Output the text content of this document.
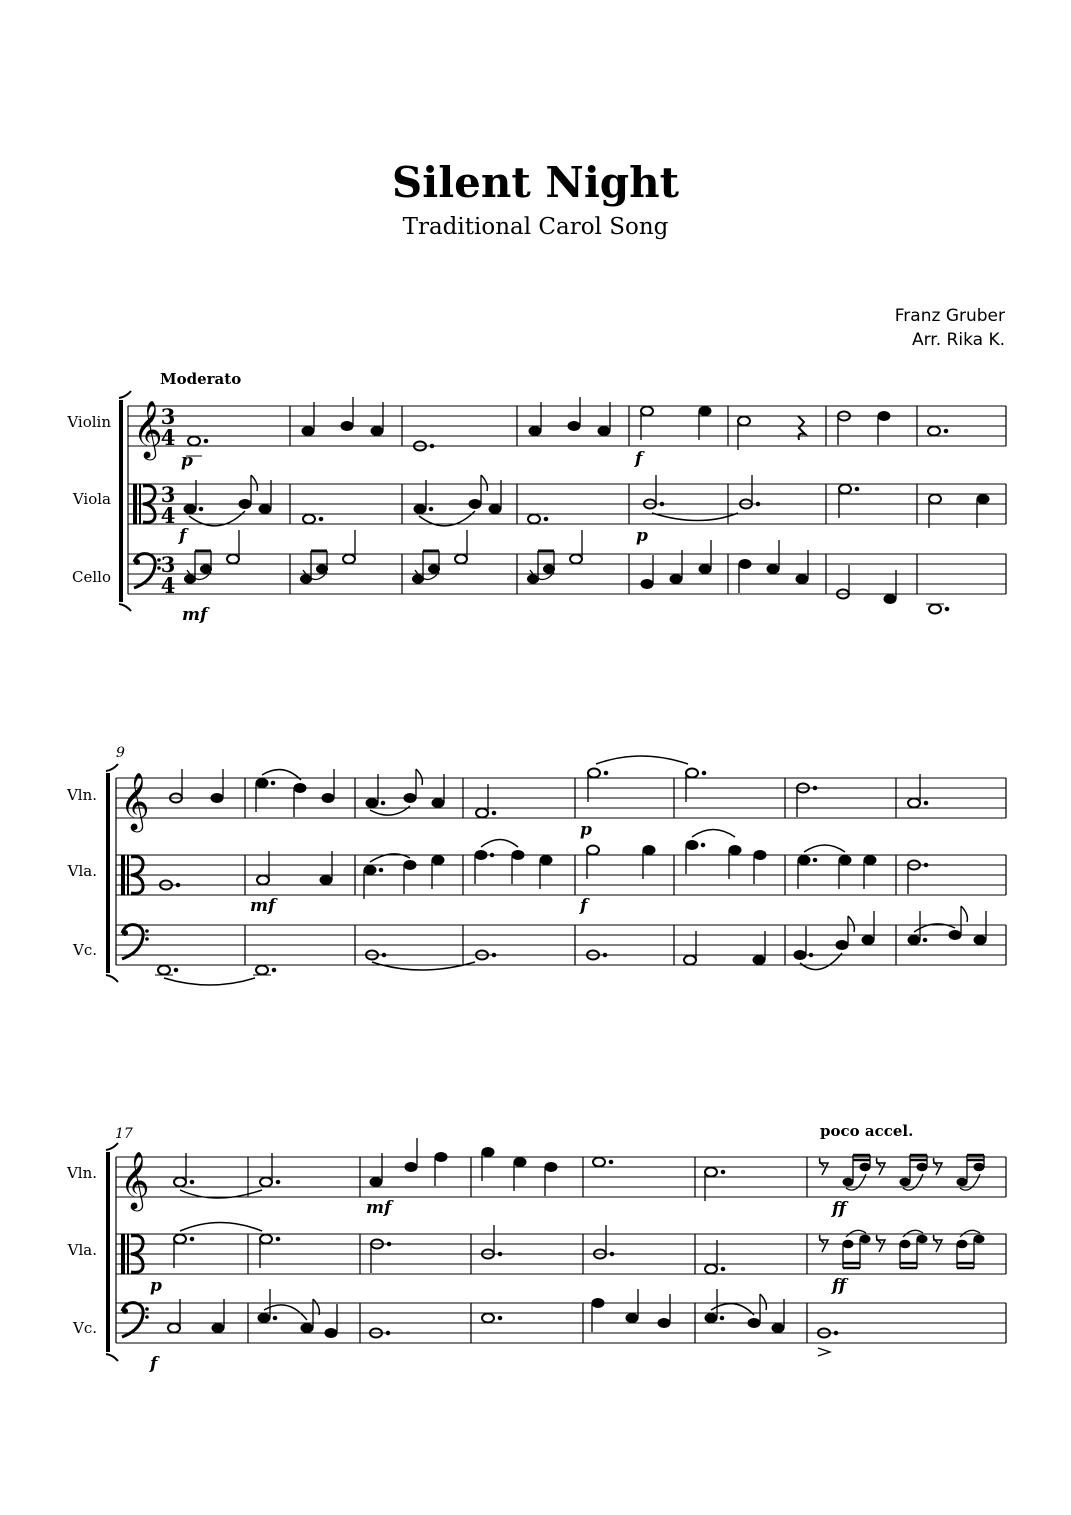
Silent Night
Traditional Carol Song
Franz Gruber
Arr. Rika K.
Moderato
Violin
Viola
Cello
𝄞
3
4
3
4
3
4
p
f
mf
f
p
9
Vln.
Vla.
Vc.
𝄞
mf
p
f
17	poco accel.
Vln.
Vla.
Vc.
𝄞	mf	ff
p	ff
f
